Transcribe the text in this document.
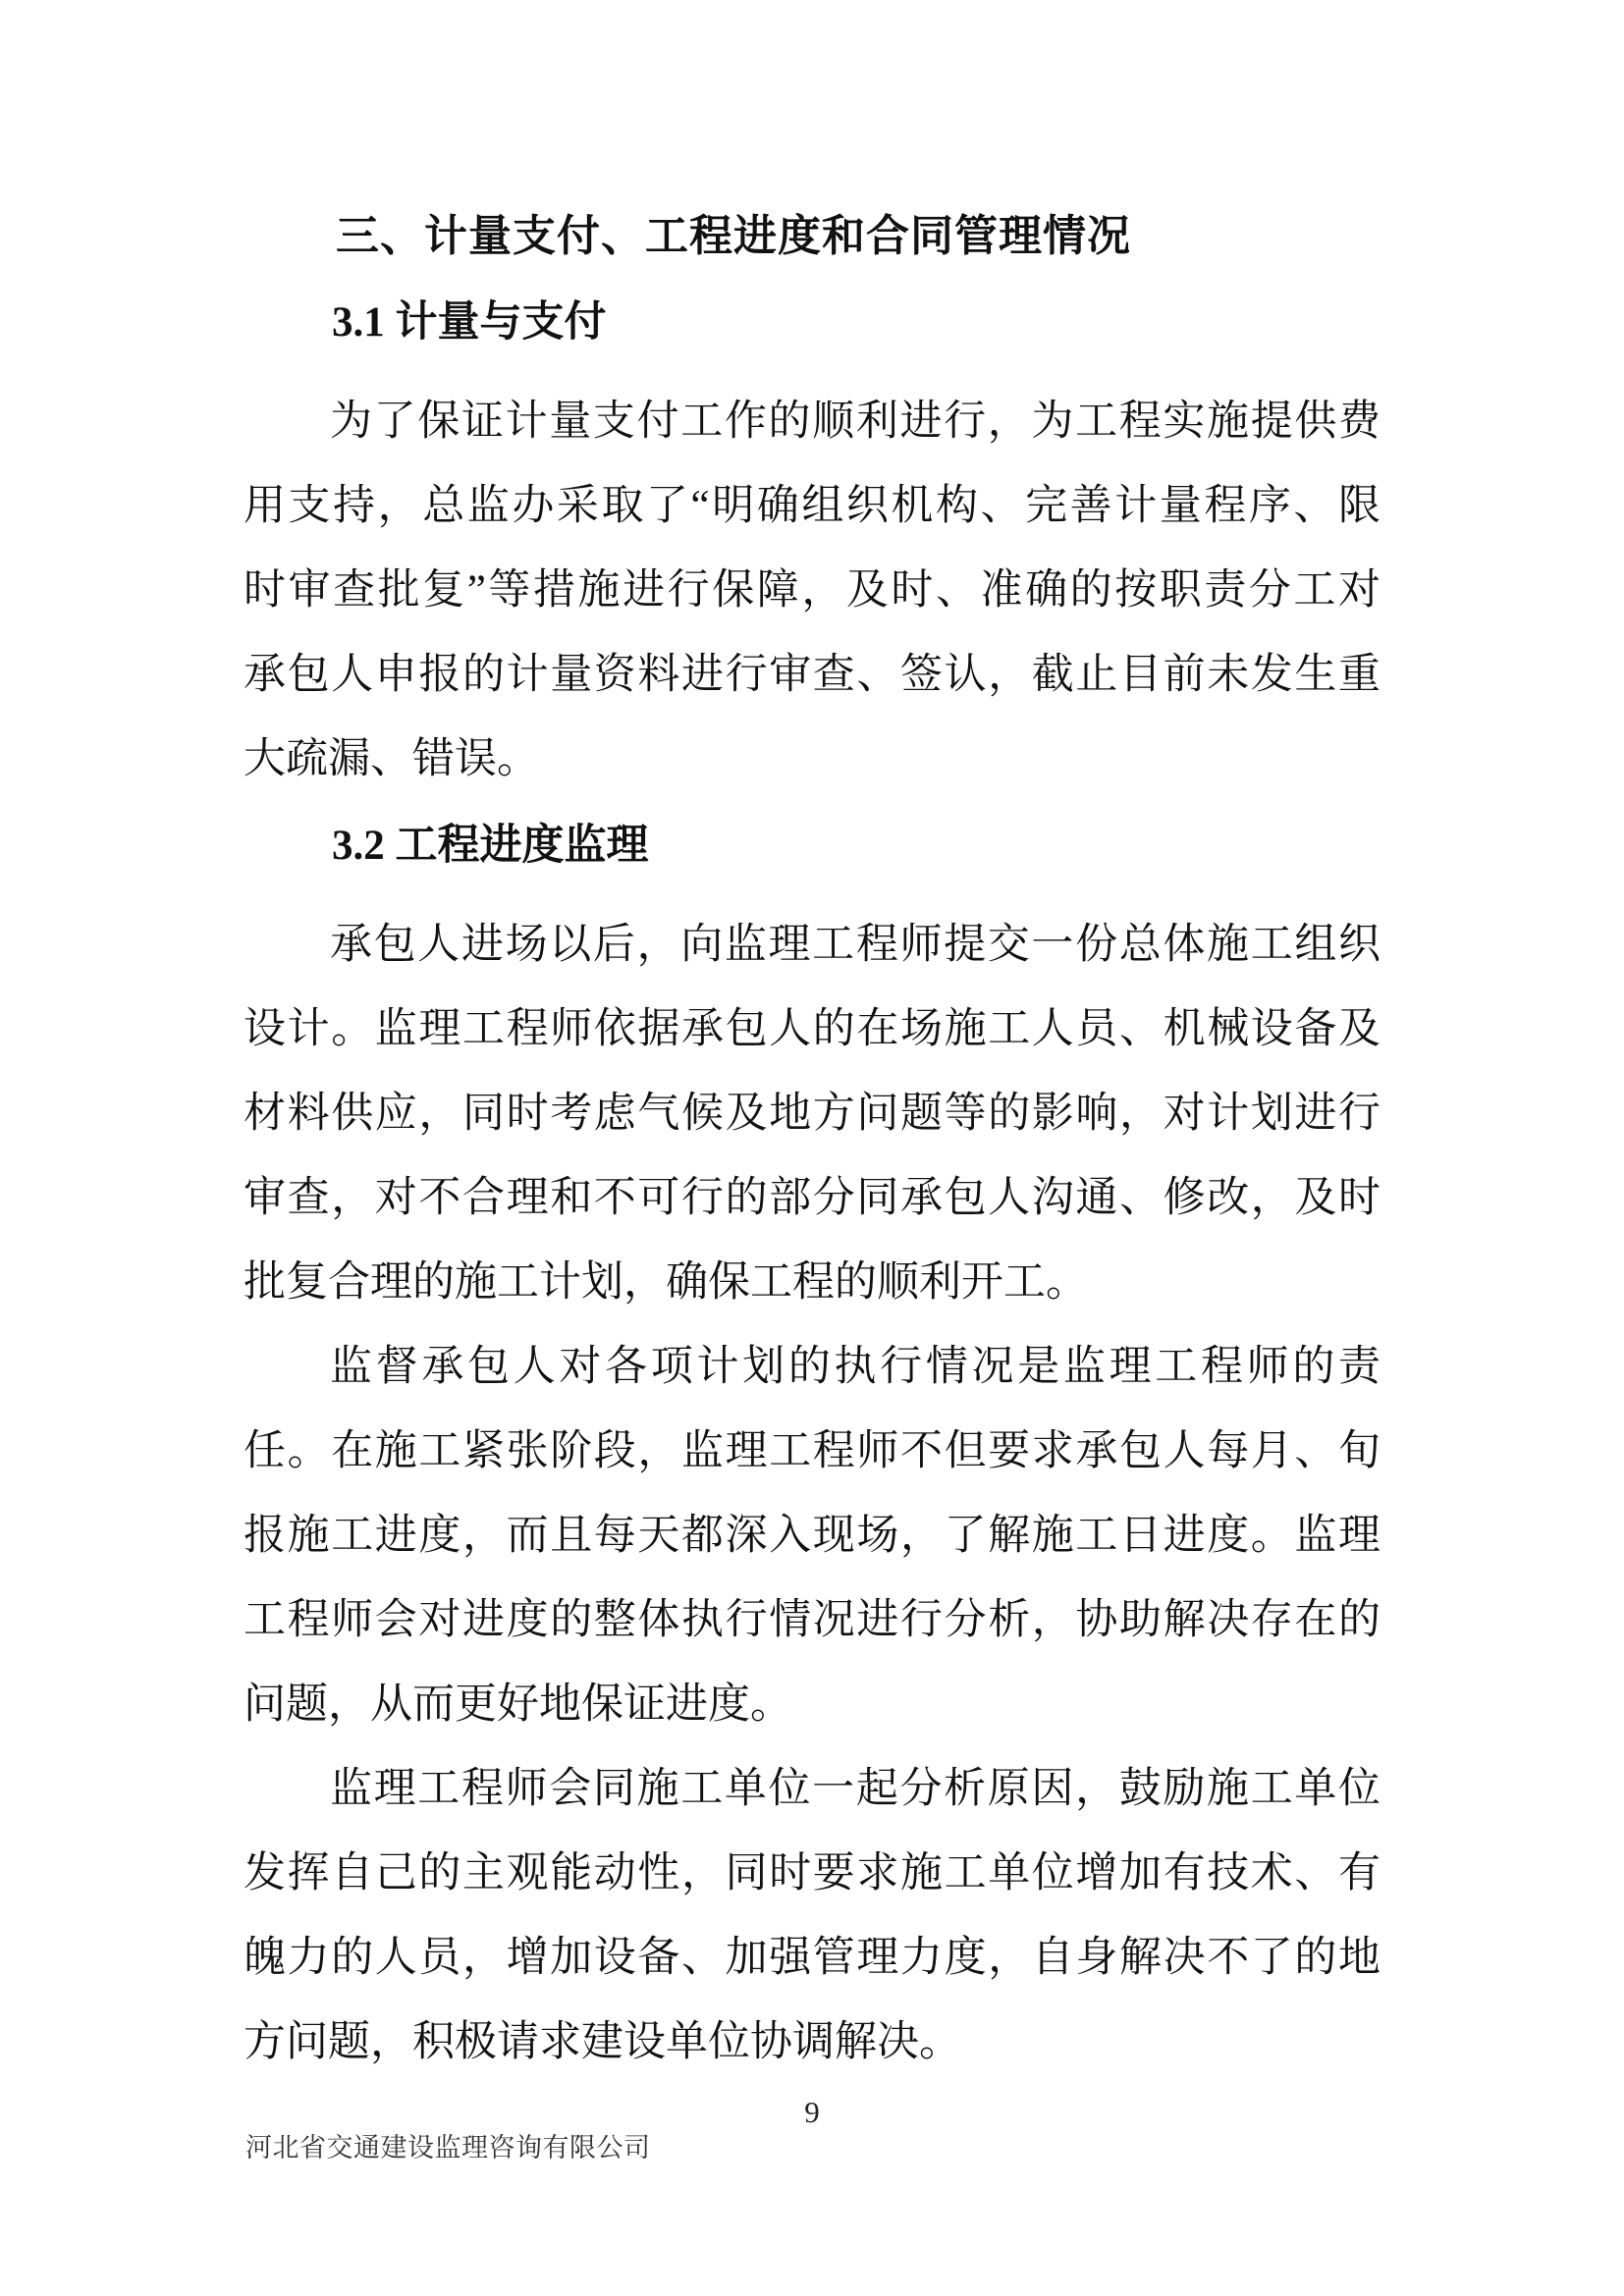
三、计量支付、工程进度和合同管理情况
3.1 计量与支付
为了保证计量支付工作的顺利进行，为工程实施提供费
用支持，总监办采取了“明确组织机构、完善计量程序、限
时审查批复”等措施进行保障，及时、准确的按职责分工对
承包人申报的计量资料进行审查、签认，截止目前未发生重
大疏漏、错误。
3.2 工程进度监理
承包人进场以后，向监理工程师提交一份总体施工组织
设计。监理工程师依据承包人的在场施工人员、机械设备及
材料供应，同时考虑气候及地方问题等的影响，对计划进行
审查，对不合理和不可行的部分同承包人沟通、修改，及时
批复合理的施工计划，确保工程的顺利开工。
监督承包人对各项计划的执行情况是监理工程师的责
任。在施工紧张阶段，监理工程师不但要求承包人每月、旬
报施工进度，而且每天都深入现场，了解施工日进度。监理
工程师会对进度的整体执行情况进行分析，协助解决存在的
问题，从而更好地保证进度。
监理工程师会同施工单位一起分析原因，鼓励施工单位
发挥自己的主观能动性，同时要求施工单位增加有技术、有
魄力的人员，增加设备、加强管理力度，自身解决不了的地
方问题，积极请求建设单位协调解决。
9
河北省交通建设监理咨询有限公司
